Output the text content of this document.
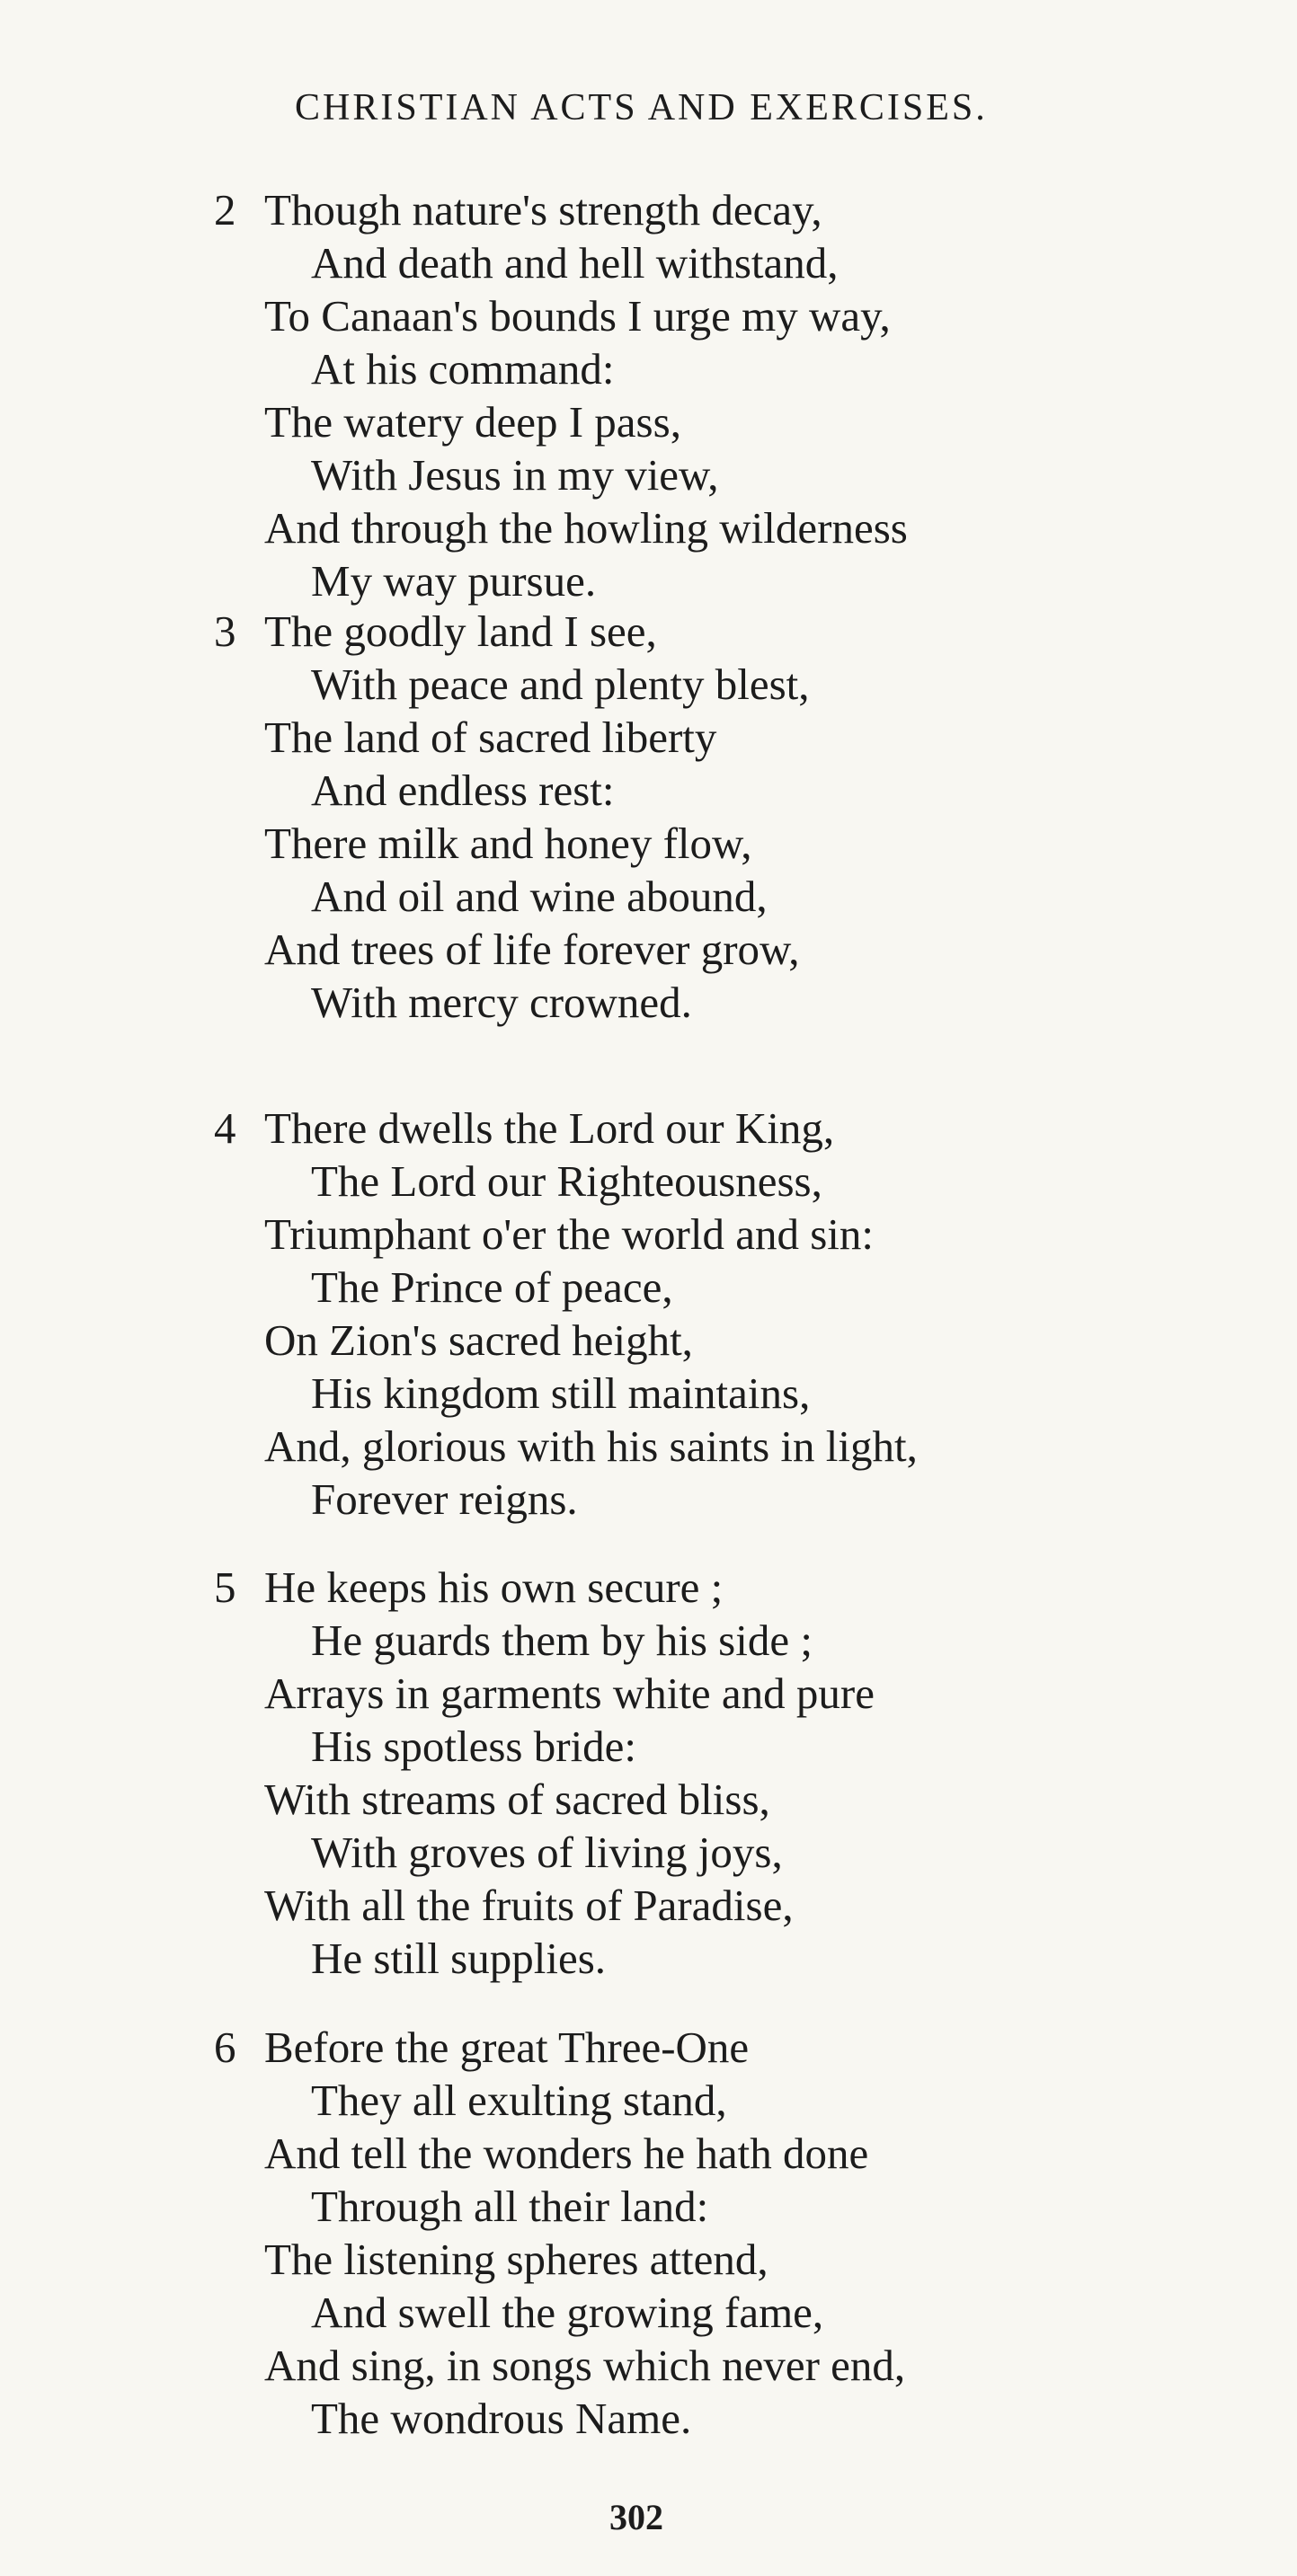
CHRISTIAN ACTS AND EXERCISES.
2 Though nature's strength decay,
And death and hell withstand,
To Canaan's bounds I urge my way,
At his command:
The watery deep I pass,
With Jesus in my view,
And through the howling wilderness
My way pursue.
3 The goodly land I see,
With peace and plenty blest,
The land of sacred liberty
And endless rest:
There milk and honey flow,
And oil and wine abound,
And trees of life forever grow,
With mercy crowned.
4 There dwells the Lord our King,
The Lord our Righteousness,
Triumphant o'er the world and sin:
The Prince of peace,
On Zion's sacred height,
His kingdom still maintains,
And, glorious with his saints in light,
Forever reigns.
5 He keeps his own secure ;
He guards them by his side ;
Arrays in garments white and pure
His spotless bride:
With streams of sacred bliss,
With groves of living joys,
With all the fruits of Paradise,
He still supplies.
6 Before the great Three-One
They all exulting stand,
And tell the wonders he hath done
Through all their land:
The listening spheres attend,
And swell the growing fame,
And sing, in songs which never end,
The wondrous Name.
302
